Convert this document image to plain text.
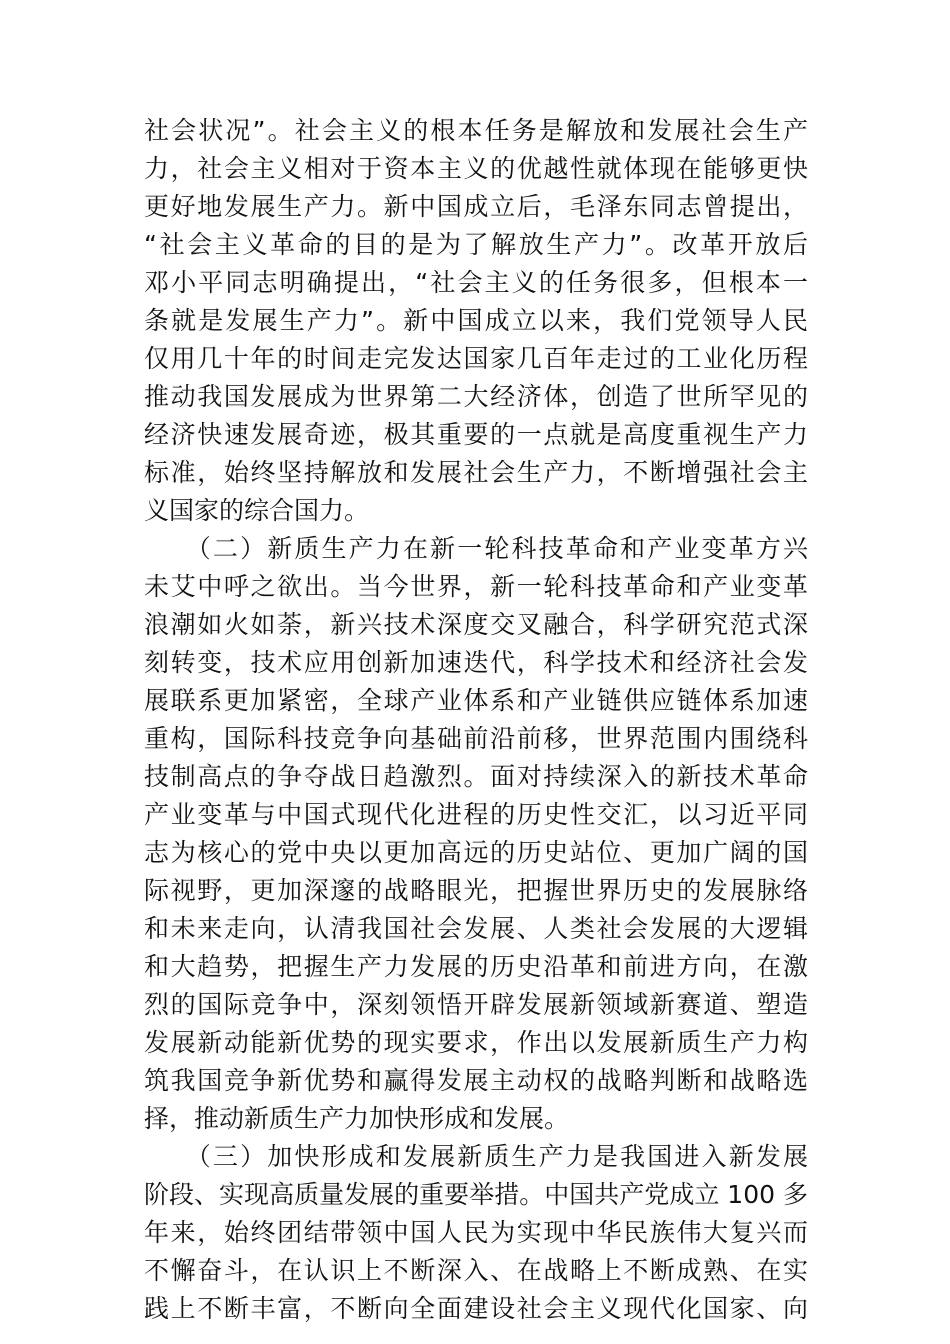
社会状况”。社会主义的根本任务是解放和发展社会生产
力，社会主义相对于资本主义的优越性就体现在能够更快
更好地发展生产力。新中国成立后，毛泽东同志曾提出，
“社会主义革命的目的是为了解放生产力”。改革开放后
邓小平同志明确提出，“社会主义的任务很多，但根本一
条就是发展生产力”。新中国成立以来，我们党领导人民
仅用几十年的时间走完发达国家几百年走过的工业化历程
推动我国发展成为世界第二大经济体，创造了世所罕见的
经济快速发展奇迹，极其重要的一点就是高度重视生产力
标准，始终坚持解放和发展社会生产力，不断增强社会主
义国家的综合国力。
　　（二）新质生产力在新一轮科技革命和产业变革方兴
未艾中呼之欲出。当今世界，新一轮科技革命和产业变革
浪潮如火如荼，新兴技术深度交叉融合，科学研究范式深
刻转变，技术应用创新加速迭代，科学技术和经济社会发
展联系更加紧密，全球产业体系和产业链供应链体系加速
重构，国际科技竞争向基础前沿前移，世界范围内围绕科
技制高点的争夺战日趋激烈。面对持续深入的新技术革命
产业变革与中国式现代化进程的历史性交汇，以习近平同
志为核心的党中央以更加高远的历史站位、更加广阔的国
际视野，更加深邃的战略眼光，把握世界历史的发展脉络
和未来走向，认清我国社会发展、人类社会发展的大逻辑
和大趋势，把握生产力发展的历史沿革和前进方向，在激
烈的国际竞争中，深刻领悟开辟发展新领域新赛道、塑造
发展新动能新优势的现实要求，作出以发展新质生产力构
筑我国竞争新优势和赢得发展主动权的战略判断和战略选
择，推动新质生产力加快形成和发展。
　　（三）加快形成和发展新质生产力是我国进入新发展
阶段、实现高质量发展的重要举措。中国共产党成立 100 多
年来，始终团结带领中国人民为实现中华民族伟大复兴而
不懈奋斗，在认识上不断深入、在战略上不断成熟、在实
践上不断丰富，不断向全面建设社会主义现代化国家、向
